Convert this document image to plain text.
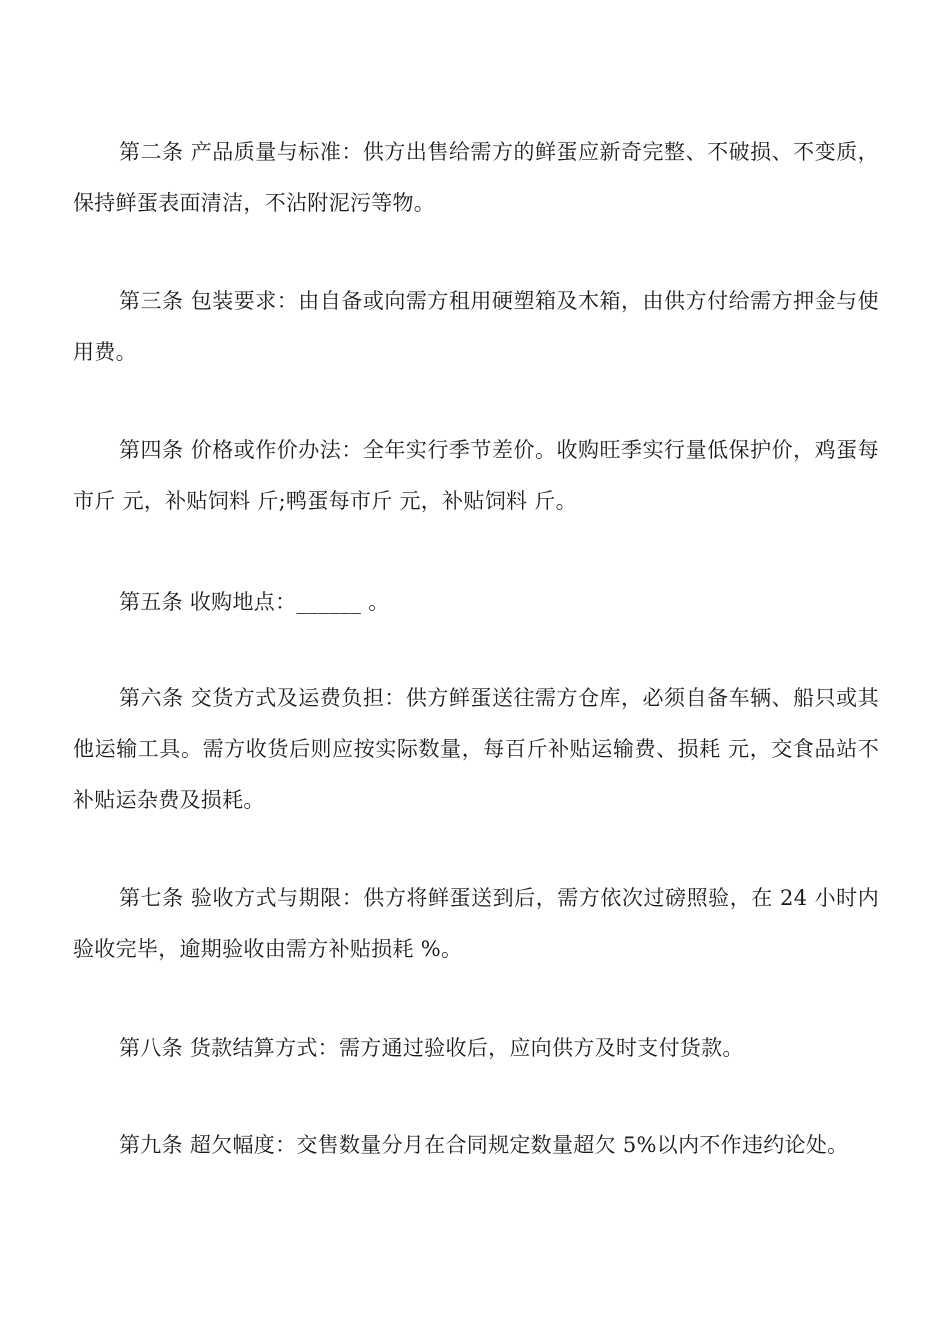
第二条 产品质量与标准：供方出售给需方的鲜蛋应新奇完整、不破损、不变质，保持鲜蛋表面清洁，不沾附泥污等物。

第三条 包装要求：由自备或向需方租用硬塑箱及木箱，由供方付给需方押金与使用费。

第四条 价格或作价办法：全年实行季节差价。收购旺季实行量低保护价，鸡蛋每市斤 元，补贴饲料 斤;鸭蛋每市斤 元，补贴饲料 斤。

第五条 收购地点：______ 。

第六条 交货方式及运费负担：供方鲜蛋送往需方仓库，必须自备车辆、船只或其他运输工具。需方收货后则应按实际数量，每百斤补贴运输费、损耗 元，交食品站不补贴运杂费及损耗。

第七条 验收方式与期限：供方将鲜蛋送到后，需方依次过磅照验，在 24 小时内验收完毕，逾期验收由需方补贴损耗 %。

第八条 货款结算方式：需方通过验收后，应向供方及时支付货款。

第九条 超欠幅度：交售数量分月在合同规定数量超欠 5%以内不作违约论处。
